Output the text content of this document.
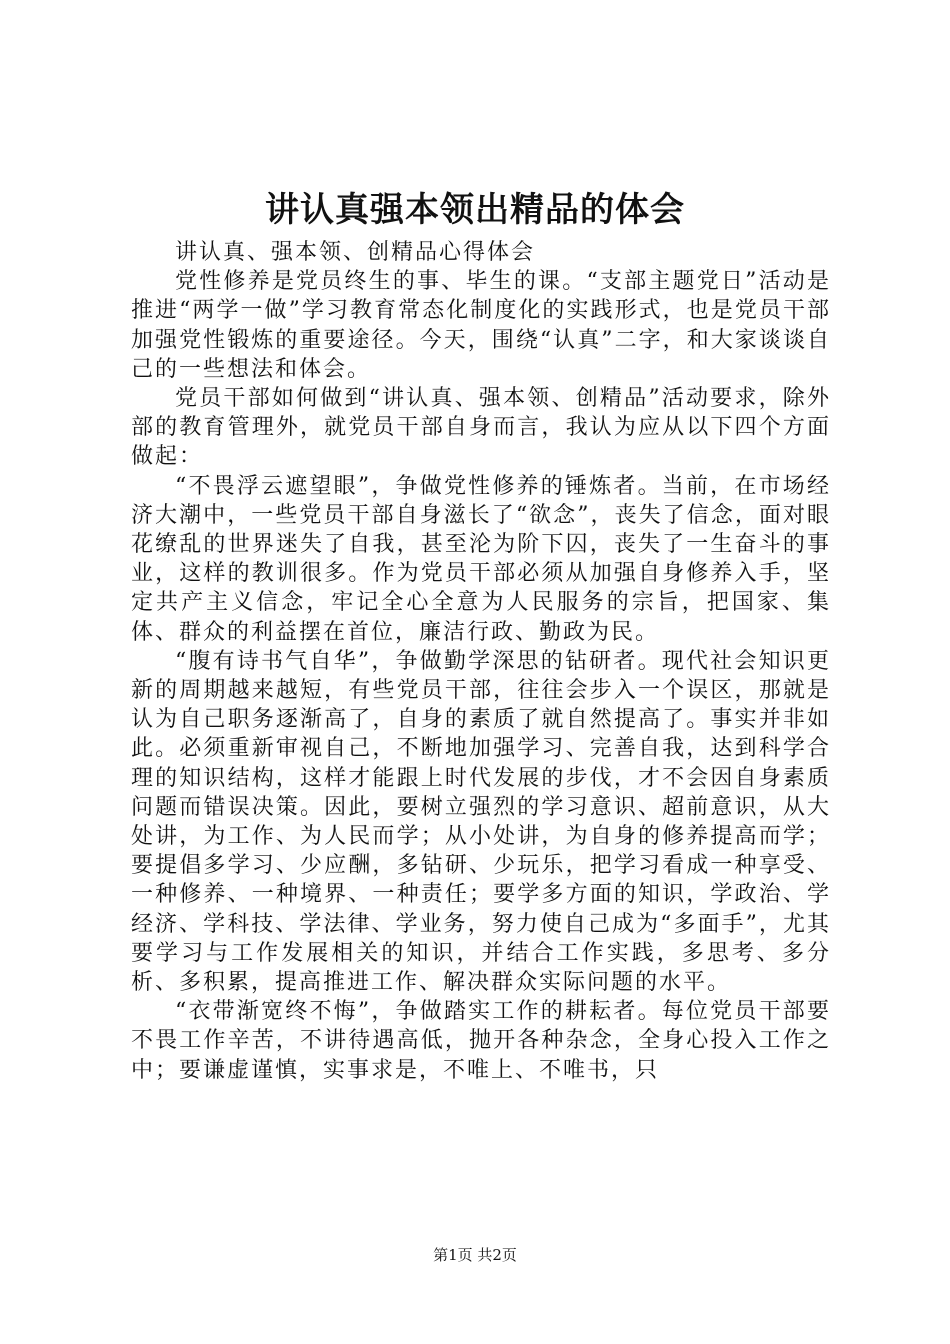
讲认真强本领出精品的体会

讲认真、强本领、创精品心得体会

党性修养是党员终生的事、毕生的课。“支部主题党日”活动是推进“两学一做”学习教育常态化制度化的实践形式，也是党员干部加强党性锻炼的重要途径。今天，围绕“认真”二字，和大家谈谈自己的一些想法和体会。

党员干部如何做到“讲认真、强本领、创精品”活动要求，除外部的教育管理外，就党员干部自身而言，我认为应从以下四个方面做起：

“不畏浮云遮望眼”，争做党性修养的锤炼者。当前，在市场经济大潮中，一些党员干部自身滋长了“欲念”，丧失了信念，面对眼花缭乱的世界迷失了自我，甚至沦为阶下囚，丧失了一生奋斗的事业，这样的教训很多。作为党员干部必须从加强自身修养入手，坚定共产主义信念，牢记全心全意为人民服务的宗旨，把国家、集体、群众的利益摆在首位，廉洁行政、勤政为民。

“腹有诗书气自华”，争做勤学深思的钻研者。现代社会知识更新的周期越来越短，有些党员干部，往往会步入一个误区，那就是认为自己职务逐渐高了，自身的素质了就自然提高了。事实并非如此。必须重新审视自己，不断地加强学习、完善自我，达到科学合理的知识结构，这样才能跟上时代发展的步伐，才不会因自身素质问题而错误决策。因此，要树立强烈的学习意识、超前意识，从大处讲，为工作、为人民而学；从小处讲，为自身的修养提高而学；要提倡多学习、少应酬，多钻研、少玩乐，把学习看成一种享受、一种修养、一种境界、一种责任；要学多方面的知识，学政治、学经济、学科技、学法律、学业务，努力使自己成为“多面手”，尤其要学习与工作发展相关的知识，并结合工作实践，多思考、多分析、多积累，提高推进工作、解决群众实际问题的水平。

“衣带渐宽终不悔”，争做踏实工作的耕耘者。每位党员干部要不畏工作辛苦，不讲待遇高低，抛开各种杂念，全身心投入工作之中；要谦虚谨慎，实事求是，不唯上、不唯书，只

第1页 共2页
